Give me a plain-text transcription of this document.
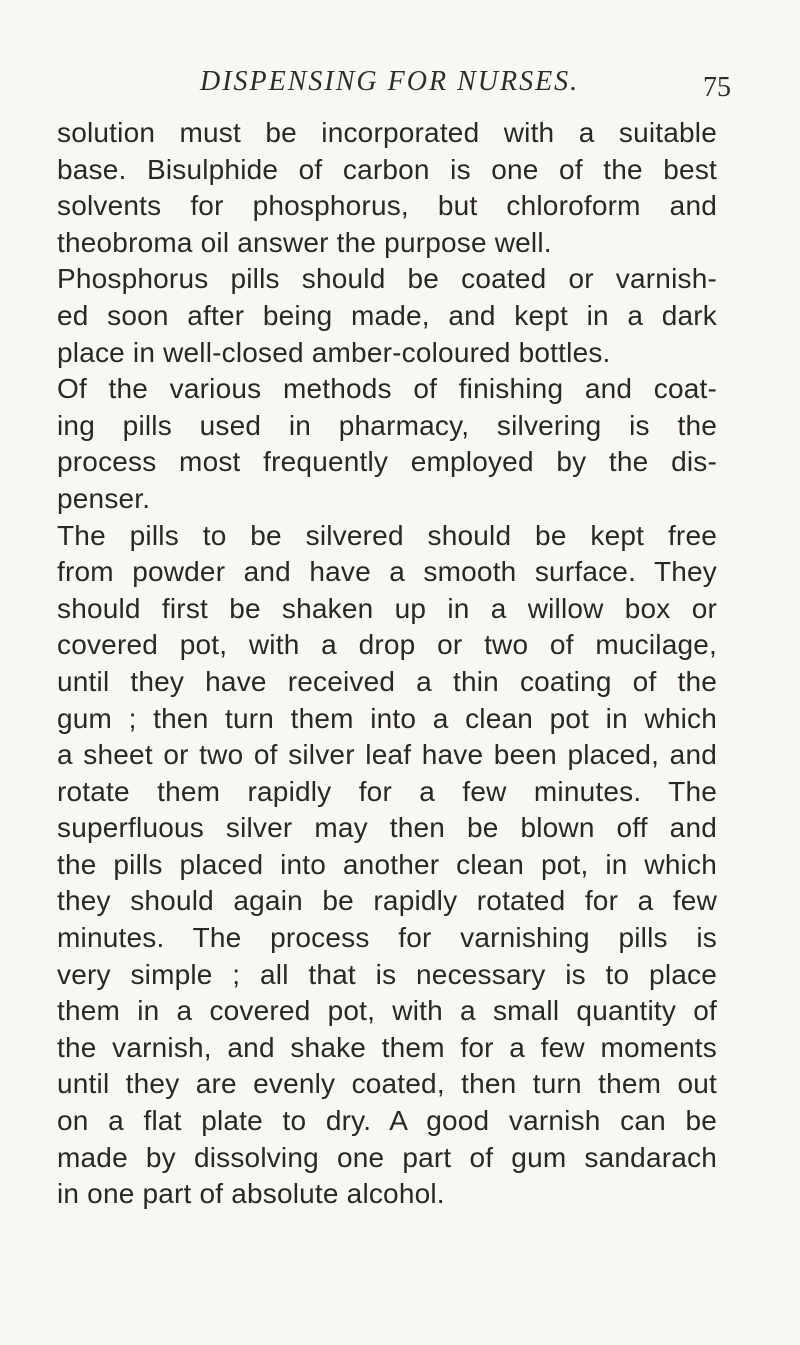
DISPENSING FOR NURSES.	75
solution must be incorporated with a suitable
base. Bisulphide of carbon is one of the best
solvents for phosphorus, but chloroform and
theobroma oil answer the purpose well.
Phosphorus pills should be coated or varnish-
ed soon after being made, and kept in a dark
place in well-closed amber-coloured bottles.
Of the various methods of finishing and coat-
ing pills used in pharmacy, silvering is the
process most frequently employed by the dis-
penser.
The pills to be silvered should be kept free
from powder and have a smooth surface. They
should first be shaken up in a willow box or
covered pot, with a drop or two of mucilage,
until they have received a thin coating of the
gum ; then turn them into a clean pot in which
a sheet or two of silver leaf have been placed, and
rotate them rapidly for a few minutes. The
superfluous silver may then be blown off and
the pills placed into another clean pot, in which
they should again be rapidly rotated for a few
minutes. The process for varnishing pills is
very simple ; all that is necessary is to place
them in a covered pot, with a small quantity of
the varnish, and shake them for a few moments
until they are evenly coated, then turn them out
on a flat plate to dry. A good varnish can be
made by dissolving one part of gum sandarach
in one part of absolute alcohol.
